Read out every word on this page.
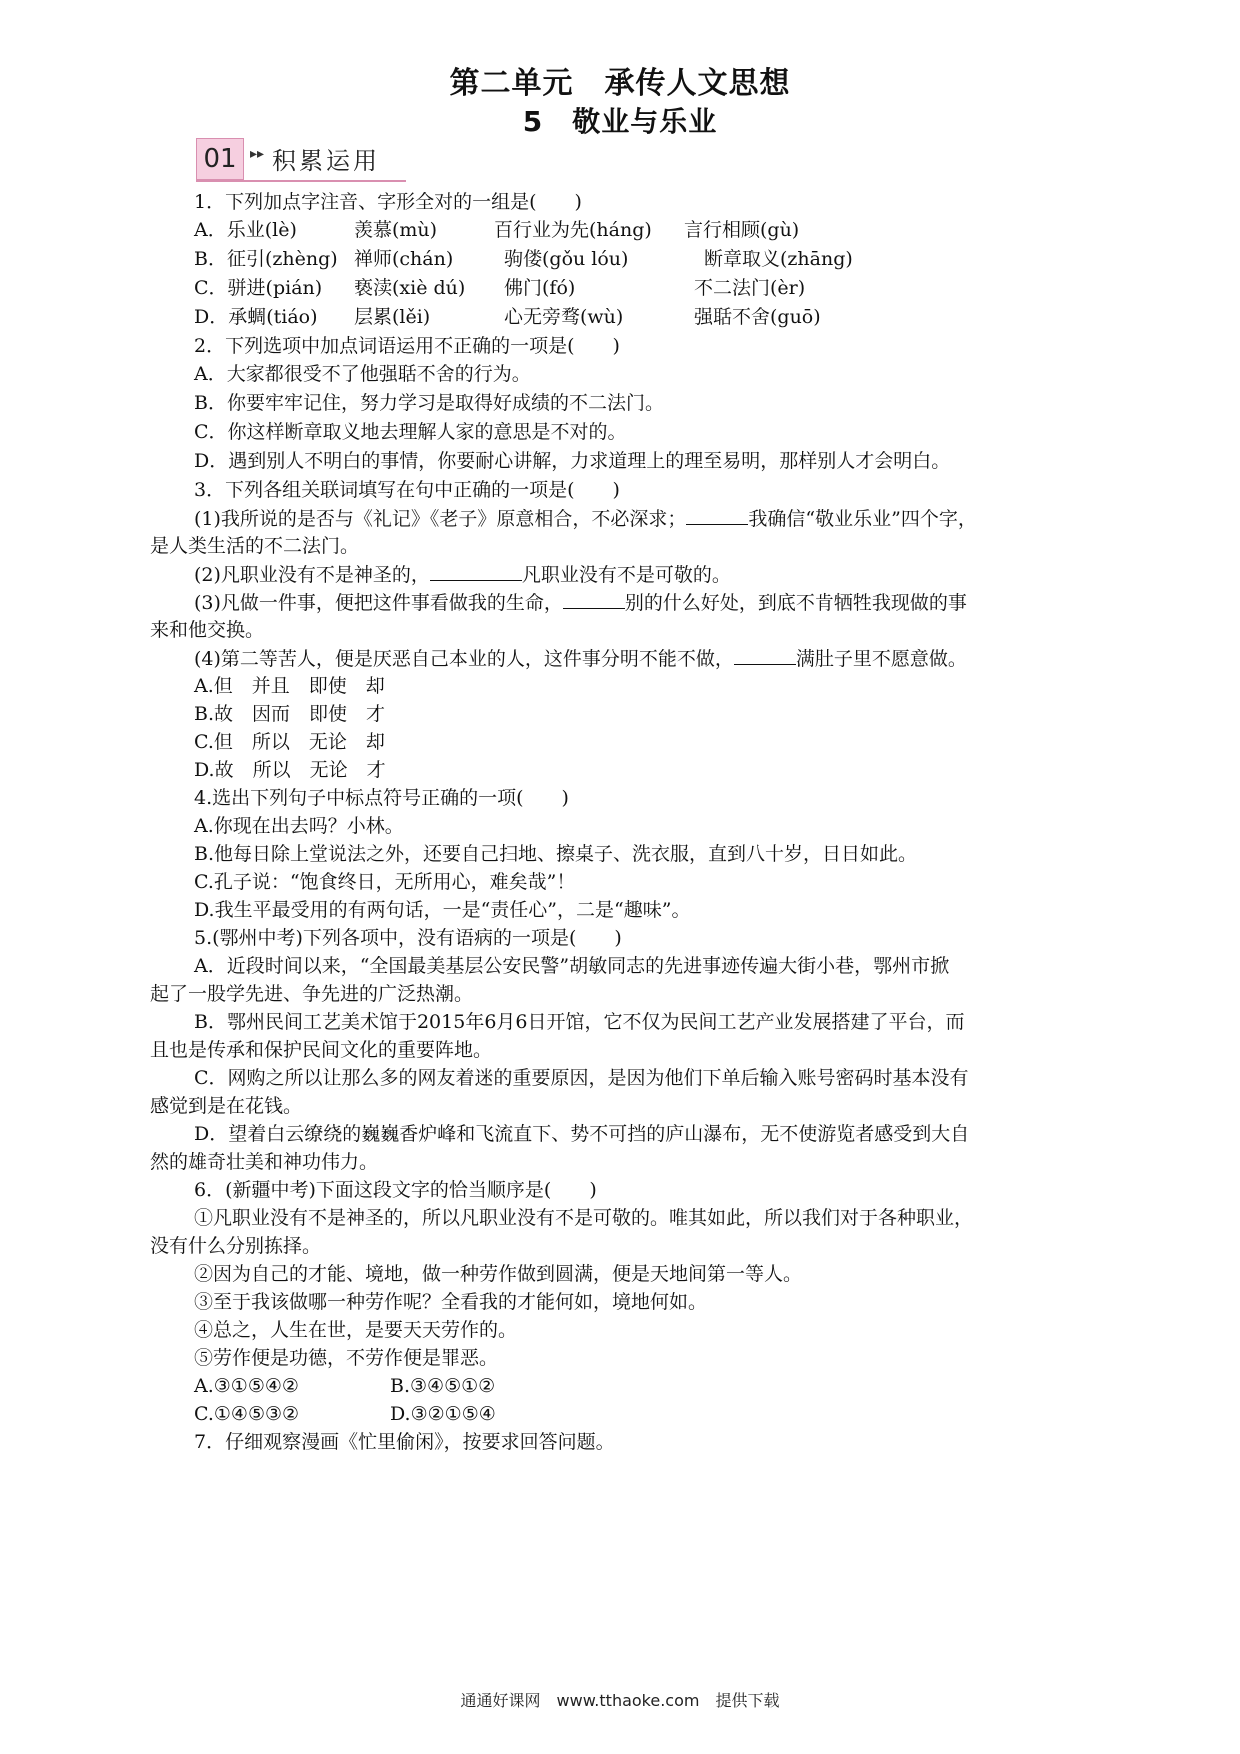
第二单元　承传人文思想
5　敬业与乐业
01 ▸▸ 积累运用
1．下列加点字注音、字形全对的一组是(　　)
A．乐业(lè)	羡慕(mù)	百行业为先(háng) 言行相顾(gù)
B．征引(zhèng) 禅师(chán)	驹偻(gǒu lóu)	断章取义(zhāng)
C．骈进(pián) 亵渎(xiè dú) 佛门(fó)	不二法门(èr)
D．承蜩(tiáo) 层累(lěi)	心无旁骛(wù)	强聒不舍(guō)
2．下列选项中加点词语运用不正确的一项是(　　)
A．大家都很受不了他强聒不舍的行为。
B．你要牢牢记住，努力学习是取得好成绩的不二法门。
C．你这样断章取义地去理解人家的意思是不对的。
D．遇到别人不明白的事情，你要耐心讲解，力求道理上的理至易明，那样别人才会明白。
3．下列各组关联词填写在句中正确的一项是(　　)
(1)我所说的是否与《礼记》《老子》原意相合，不必深求；	我确信“敬业乐业”四个字，
是人类生活的不二法门。
(2)凡职业没有不是神圣的，	凡职业没有不是可敬的。
(3)凡做一件事，便把这件事看做我的生命，	别的什么好处，到底不肯牺牲我现做的事
来和他交换。
(4)第二等苦人，便是厌恶自己本业的人，这件事分明不能不做，	满肚子里不愿意做。
A.但　并且　即使　却
B.故　因而　即使　才
C.但　所以　无论　却
D.故　所以　无论　才
4.选出下列句子中标点符号正确的一项(　　)
A.你现在出去吗？小林。
B.他每日除上堂说法之外，还要自己扫地、擦桌子、洗衣服，直到八十岁，日日如此。
C.孔子说：“饱食终日，无所用心，难矣哉”！
D.我生平最受用的有两句话，一是“责任心”，二是“趣味”。
5.(鄂州中考)下列各项中，没有语病的一项是(　　)
A．近段时间以来，“全国最美基层公安民警”胡敏同志的先进事迹传遍大街小巷，鄂州市掀
起了一股学先进、争先进的广泛热潮。
B．鄂州民间工艺美术馆于2015年6月6日开馆，它不仅为民间工艺产业发展搭建了平台，而
且也是传承和保护民间文化的重要阵地。
C．网购之所以让那么多的网友着迷的重要原因，是因为他们下单后输入账号密码时基本没有
感觉到是在花钱。
D．望着白云缭绕的巍巍香炉峰和飞流直下、势不可挡的庐山瀑布，无不使游览者感受到大自
然的雄奇壮美和神功伟力。
6．(新疆中考)下面这段文字的恰当顺序是(　　)
①凡职业没有不是神圣的，所以凡职业没有不是可敬的。唯其如此，所以我们对于各种职业，
没有什么分别拣择。
②因为自己的才能、境地，做一种劳作做到圆满，便是天地间第一等人。
③至于我该做哪一种劳作呢？全看我的才能何如，境地何如。
④总之，人生在世，是要天天劳作的。
⑤劳作便是功德，不劳作便是罪恶。
A.③①⑤④②	B.③④⑤①②
C.①④⑤③②	D.③②①⑤④
7．仔细观察漫画《忙里偷闲》，按要求回答问题。
通通好课网　www.tthaoke.com　提供下载
